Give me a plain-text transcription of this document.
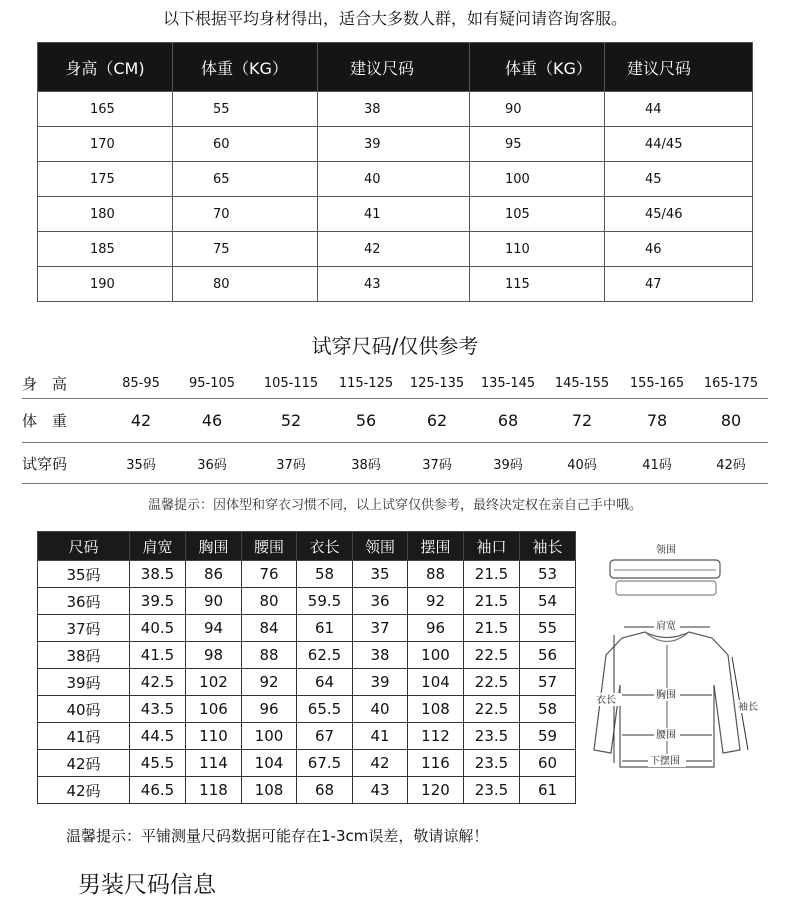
以下根据平均身材得出，适合大多数人群，如有疑问请咨询客服。
身高（CM)	体重（KG）	建议尺码	体重（KG）	建议尺码
165	55	38	90	44
170	60	39	95	44/45
175	65	40	100	45
180	70	41	105	45/46
185	75	42	110	46
190	80	43	115	47
试穿尺码/仅供参考
身　高	85-95	95-105	105-115	115-125	125-135	135-145	145-155	155-165	165-175
体　重	42	46	52	56	62	68	72	78	80
试穿码	35码	36码	37码	38码	37码	39码	40码	41码	42码
温馨提示：因体型和穿衣习惯不同，以上试穿仅供参考，最终决定权在亲自己手中哦。
尺码	肩宽	胸围	腰围	衣长	领围	摆围	袖口	袖长
35码	38.5	86	76	58	35	88	21.5	53
36码	39.5	90	80	59.5	36	92	21.5	54
37码	40.5	94	84	61	37	96	21.5	55
38码	41.5	98	88	62.5	38	100	22.5	56
39码	42.5	102	92	64	39	104	22.5	57
40码	43.5	106	96	65.5	40	108	22.5	58
41码	44.5	110	100	67	41	112	23.5	59
42码	45.5	114	104	67.5	42	116	23.5	60
42码	46.5	118	108	68	43	120	23.5	61
领围
肩宽
衣长	胸围
袖长
腰围
下摆围
温馨提示：平铺测量尺码数据可能存在1-3cm误差，敬请谅解！
男装尺码信息
